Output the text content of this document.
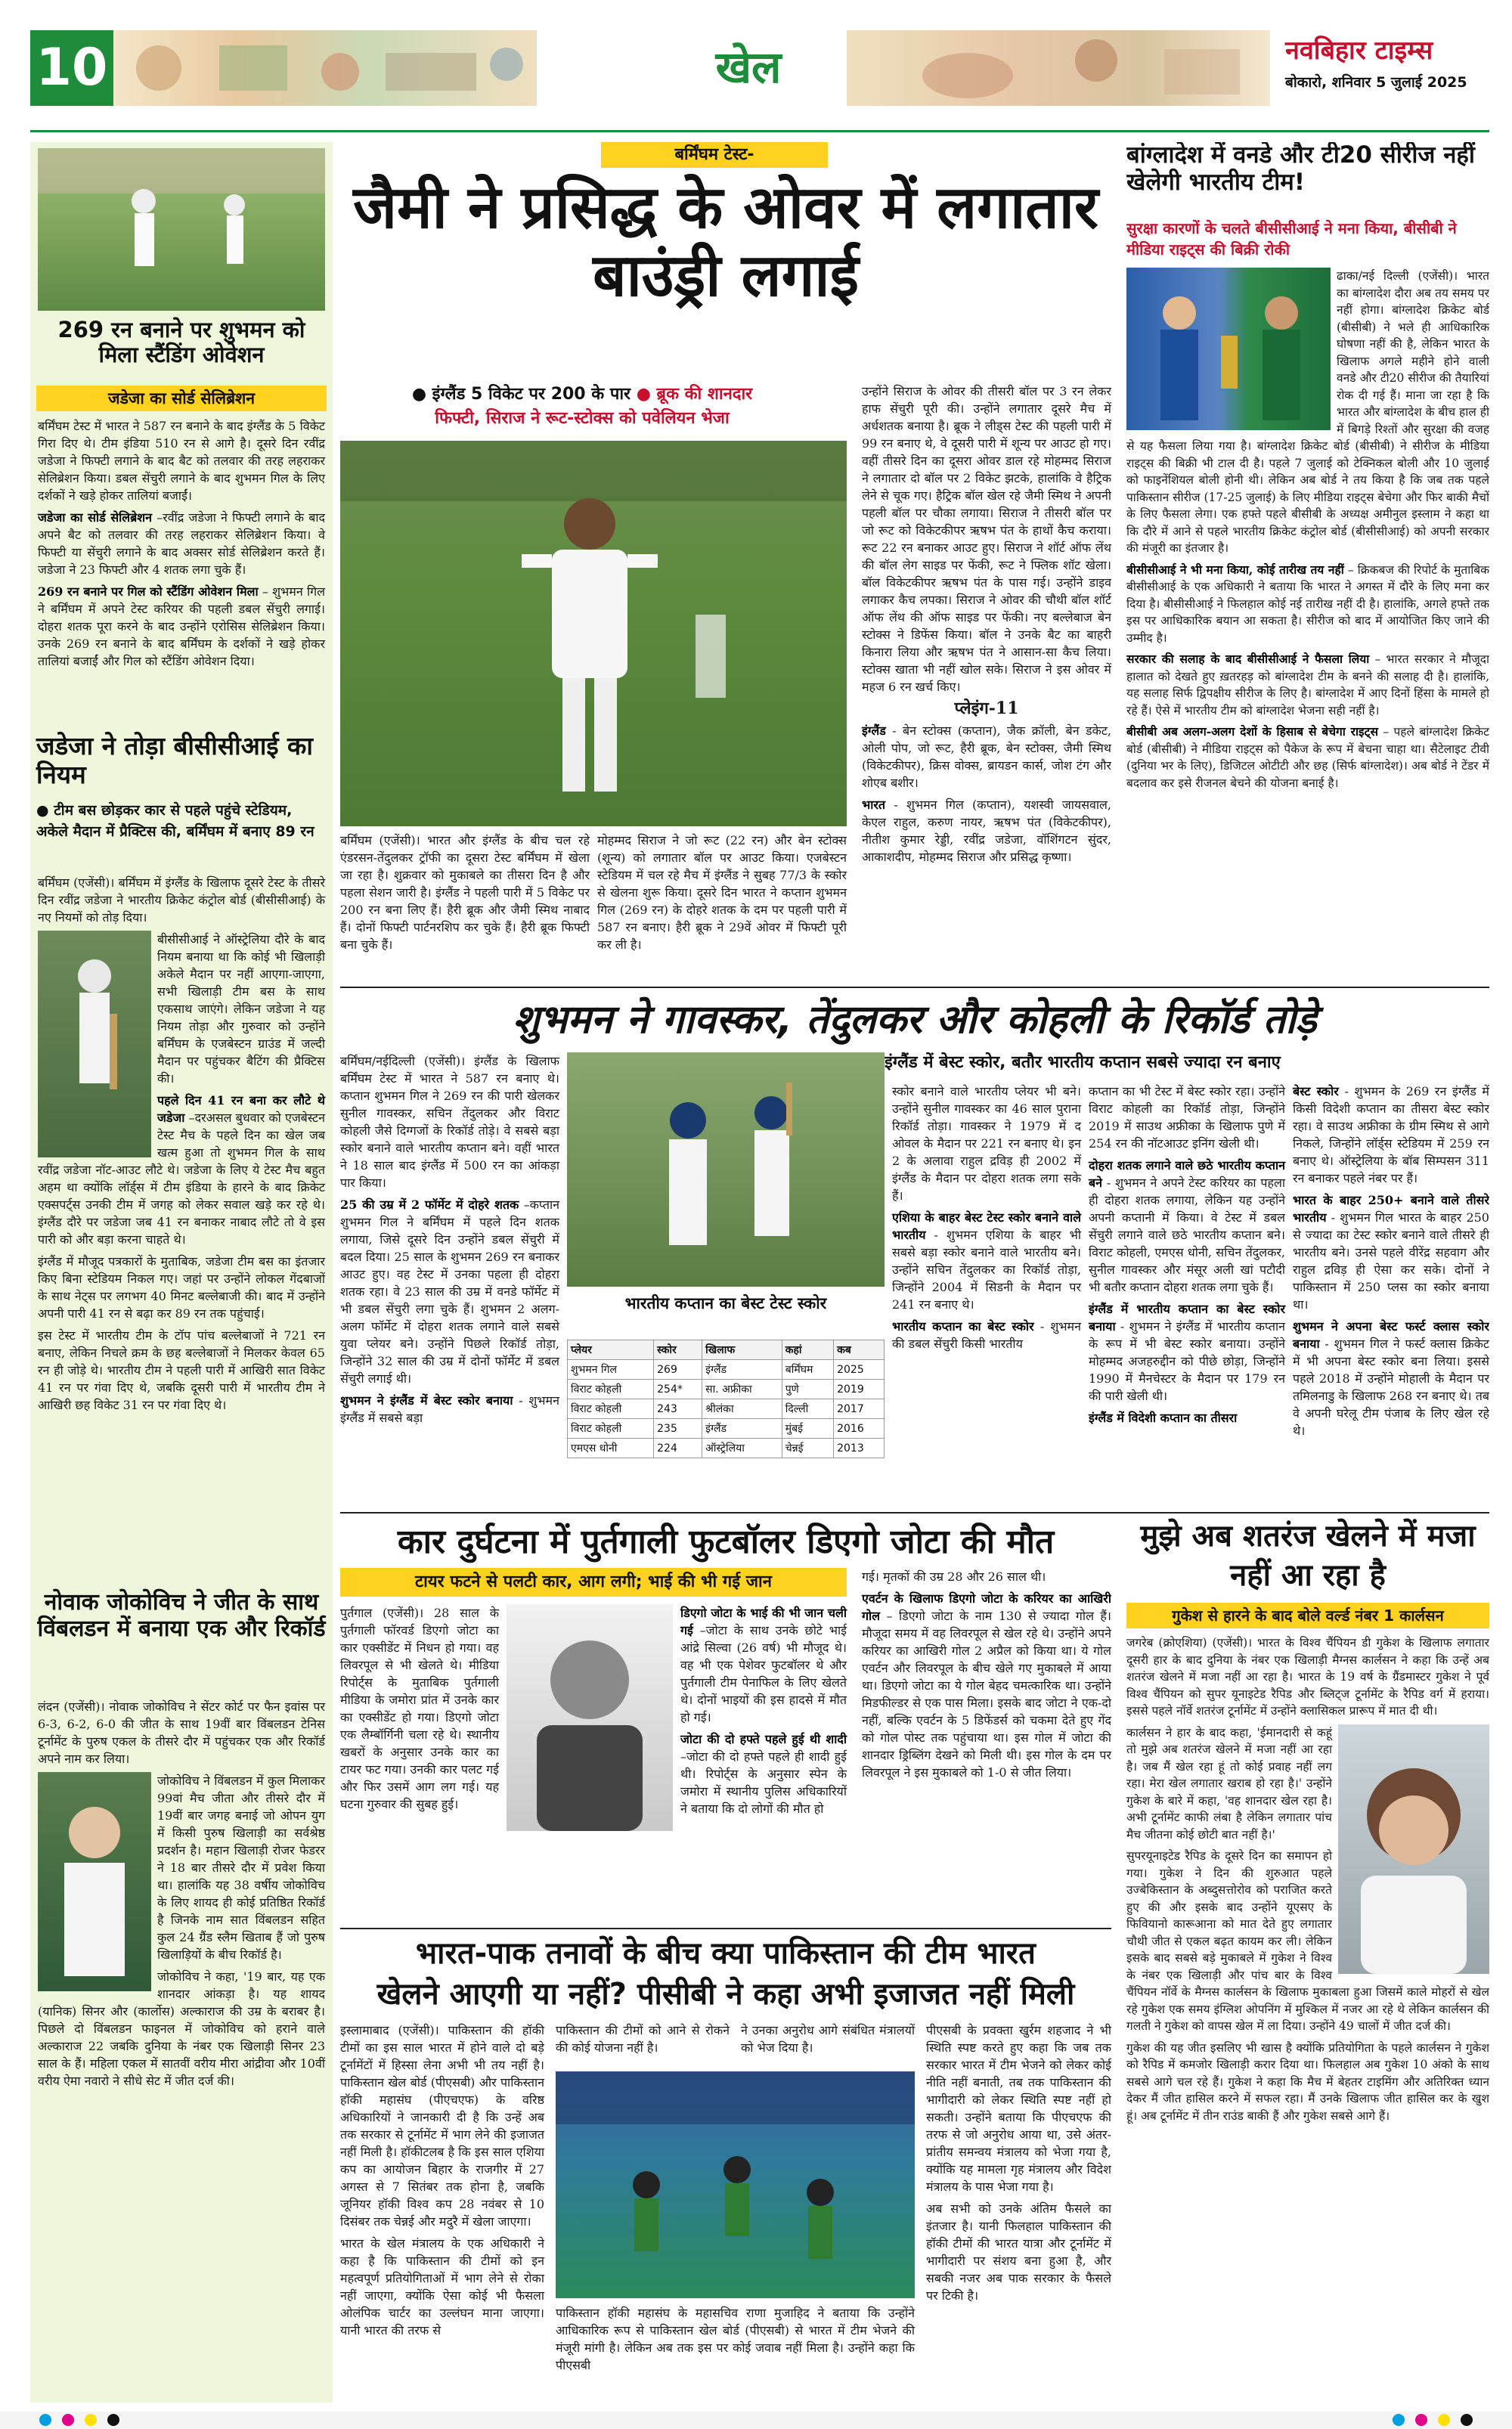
10	खेल	नवबिहार टाइम्स
बोकारो, शनिवार 5 जुलाई 2025
269 रन बनाने पर शुभमन को मिला स्टैंडिंग ओवेशन
जडेजा का सोर्ड सेलिब्रेशन

बर्मिंघम टेस्ट में भारत ने 587 रन बनाने के बाद इंग्लैंड के 5 विकेट गिरा दिए थे। टीम इंडिया 510 रन से आगे है। दूसरे दिन रवींद्र जडेजा ने फिफ्टी लगाने के बाद बैट को तलवार की तरह लहराकर सेलिब्रेशन किया। डबल सेंचुरी लगाने के बाद शुभमन गिल के लिए दर्शकों ने खड़े होकर तालियां बजाईं।

जडेजा का सोर्ड सेलिब्रेशन –रवींद्र जडेजा ने फिफ्टी लगाने के बाद अपने बैट को तलवार की तरह लहराकर सेलिब्रेशन किया। वे फिफ्टी या सेंचुरी लगाने के बाद अक्सर सोर्ड सेलिब्रेशन करते हैं। जडेजा ने 23 फिफ्टी और 4 शतक लगा चुके हैं।

269 रन बनाने पर गिल को स्टैंडिंग ओवेशन मिला – शुभमन गिल ने बर्मिंघम में अपने टेस्ट करियर की पहली डबल सेंचुरी लगाई। दोहरा शतक पूरा करने के बाद उन्होंने एरोसिस सेलिब्रेशन किया। उनके 269 रन बनाने के बाद बर्मिंघम के दर्शकों ने खड़े होकर तालियां बजाईं और गिल को स्टैंडिंग ओवेशन दिया।

जडेजा ने तोड़ा बीसीसीआई का नियम
● टीम बस छोड़कर कार से पहले पहुंचे स्टेडियम, अकेले मैदान में प्रैक्टिस की, बर्मिंघम में बनाए 89 रन

बर्मिंघम (एजेंसी)। बर्मिंघम में इंग्लैंड के खिलाफ दूसरे टेस्ट के तीसरे दिन रवींद्र जडेजा ने भारतीय क्रिकेट कंट्रोल बोर्ड (बीसीसीआई) के नए नियमों को तोड़ दिया।

बीसीसीआई ने ऑस्ट्रेलिया दौरे के बाद नियम बनाया था कि कोई भी खिलाड़ी अकेले मैदान पर नहीं आएगा-जाएगा, सभी खिलाड़ी टीम बस के साथ एकसाथ जाएंगे। लेकिन जडेजा ने यह नियम तोड़ा और गुरुवार को उन्होंने बर्मिंघम के एजबेस्टन ग्राउंड में जल्दी मैदान पर पहुंचकर बैटिंग की प्रैक्टिस की।

पहले दिन 41 रन बना कर लौटे थे जडेजा –दरअसल बुधवार को एजबेस्टन टेस्ट मैच के पहले दिन का खेल जब खत्म हुआ तो शुभमन गिल के साथ रवींद्र जडेजा नॉट-आउट लौटे थे। जडेजा के लिए ये टेस्ट मैच बहुत अहम था क्योंकि लॉर्ड्स में टीम इंडिया के हारने के बाद क्रिकेट एक्सपर्ट्स उनकी टीम में जगह को लेकर सवाल खड़े कर रहे थे। इंग्लैंड दौरे पर जडेजा जब 41 रन बनाकर नाबाद लौटे तो वे इस पारी को और बड़ा करना चाहते थे।

इंग्लैंड में मौजूद पत्रकारों के मुताबिक, जडेजा टीम बस का इंतजार किए बिना स्टेडियम निकल गए। जहां पर उन्होंने लोकल गेंदबाजों के साथ नेट्स पर लगभग 40 मिनट बल्लेबाजी की। बाद में उन्होंने अपनी पारी 41 रन से बढ़ा कर 89 रन तक पहुंचाई।

इस टेस्ट में भारतीय टीम के टॉप पांच बल्लेबाजों ने 721 रन बनाए, लेकिन निचले क्रम के छह बल्लेबाजों ने मिलकर केवल 65 रन ही जोड़े थे। भारतीय टीम ने पहली पारी में आखिरी सात विकेट 41 रन पर गंवा दिए थे, जबकि दूसरी पारी में भारतीय टीम ने आखिरी छह विकेट 31 रन पर गंवा दिए थे।

नोवाक जोकोविच ने जीत के साथ विंबलडन में बनाया एक और रिकॉर्ड

लंदन (एजेंसी)। नोवाक जोकोविच ने सेंटर कोर्ट पर फैन इवांस पर 6-3, 6-2, 6-0 की जीत के साथ 19वीं बार विंबलडन टेनिस टूर्नामेंट के पुरुष एकल के तीसरे दौर में पहुंचकर एक और रिकॉर्ड अपने नाम कर लिया।

जोकोविच ने विंबलडन में कुल मिलाकर 99वां मैच जीता और तीसरे दौर में 19वीं बार जगह बनाई जो ओपन युग में किसी पुरुष खिलाड़ी का सर्वश्रेष्ठ प्रदर्शन है। महान खिलाड़ी रोजर फेडरर ने 18 बार तीसरे दौर में प्रवेश किया था। हालांकि यह 38 वर्षीय जोकोविच के लिए शायद ही कोई प्रतिष्ठित रिकॉर्ड है जिनके नाम सात विंबलडन सहित कुल 24 ग्रैंड स्लैम खिताब हैं जो पुरुष खिलाड़ियों के बीच रिकॉर्ड है।

जोकोविच ने कहा, '19 बार, यह एक शानदार आंकड़ा है। यह शायद (यानिक) सिनर और (कार्लोस) अल्काराज की उम्र के बराबर है। पिछले दो विंबलडन फाइनल में जोकोविच को हराने वाले अल्काराज 22 जबकि दुनिया के नंबर एक खिलाड़ी सिनर 23 साल के हैं। महिला एकल में सातवीं वरीय मीरा आंद्रीवा और 10वीं वरीय ऐमा नवारो ने सीधे सेट में जीत दर्ज की।

बर्मिंघम टेस्ट-
जैमी ने प्रसिद्ध के ओवर में लगातार बाउंड्री लगाई
● इंग्लैंड 5 विकेट पर 200 के पार ● ब्रूक की शानदार
फिफ्टी, सिराज ने रूट-स्टोक्स को पवेलियन भेजा

बर्मिंघम (एजेंसी)। भारत और इंग्लैंड के बीच चल रहे एंडरसन-तेंदुलकर ट्रॉफी का दूसरा टेस्ट बर्मिंघम में खेला जा रहा है। शुक्रवार को मुकाबले का तीसरा दिन है और पहला सेशन जारी है। इंग्लैंड ने पहली पारी में 5 विकेट पर 200 रन बना लिए हैं। हैरी ब्रूक और जैमी स्मिथ नाबाद हैं। दोनों फिफ्टी पार्टनरशिप कर चुके हैं। हैरी ब्रूक फिफ्टी बना चुके हैं।

मोहम्मद सिराज ने जो रूट (22 रन) और बेन स्टोक्स (शून्य) को लगातार बॉल पर आउट किया। एजबेस्टन स्टेडियम में चल रहे मैच में इंग्लैंड ने सुबह 77/3 के स्कोर से खेलना शुरू किया। दूसरे दिन भारत ने कप्तान शुभमन गिल (269 रन) के दोहरे शतक के दम पर पहली पारी में 587 रन बनाए। हैरी ब्रूक ने 29वें ओवर में फिफ्टी पूरी कर ली है।

उन्होंने सिराज के ओवर की तीसरी बॉल पर 3 रन लेकर हाफ सेंचुरी पूरी की। उन्होंने लगातार दूसरे मैच में अर्धशतक बनाया है। ब्रूक ने लीड्स टेस्ट की पहली पारी में 99 रन बनाए थे, वे दूसरी पारी में शून्य पर आउट हो गए। वहीं तीसरे दिन का दूसरा ओवर डाल रहे मोहम्मद सिराज ने लगातार दो बॉल पर 2 विकेट झटके, हालांकि वे हैट्रिक लेने से चूक गए। हैट्रिक बॉल खेल रहे जैमी स्मिथ ने अपनी पहली बॉल पर चौका लगाया। सिराज ने तीसरी बॉल पर जो रूट को विकेटकीपर ऋषभ पंत के हाथों कैच कराया। रूट 22 रन बनाकर आउट हुए। सिराज ने शॉर्ट ऑफ लेंथ की बॉल लेग साइड पर फेंकी, रूट ने फ्लिक शॉट खेला। बॉल विकेटकीपर ऋषभ पंत के पास गई। उन्होंने डाइव लगाकर कैच लपका। सिराज ने ओवर की चौथी बॉल शॉर्ट ऑफ लेंथ की ऑफ साइड पर फेंकी। नए बल्लेबाज बेन स्टोक्स ने डिफेंस किया। बॉल ने उनके बैट का बाहरी किनारा लिया और ऋषभ पंत ने आसान-सा कैच लिया। स्टोक्स खाता भी नहीं खोल सके। सिराज ने इस ओवर में महज 6 रन खर्च किए।

प्लेइंग-11

इंग्लैंड - बेन स्टोक्स (कप्तान), जैक क्रॉली, बेन डकेट, ओली पोप, जो रूट, हैरी ब्रूक, बेन स्टोक्स, जैमी स्मिथ (विकेटकीपर), क्रिस वोक्स, ब्रायडन कार्स, जोश टंग और शोएब बशीर।

भारत - शुभमन गिल (कप्तान), यशस्वी जायसवाल, केएल राहुल, करुण नायर, ऋषभ पंत (विकेटकीपर), नीतीश कुमार रेड्डी, रवींद्र जडेजा, वॉशिंगटन सुंदर, आकाशदीप, मोहम्मद सिराज और प्रसिद्ध कृष्णा।

बांग्लादेश में वनडे और टी20 सीरीज नहीं खेलेगी भारतीय टीम!
सुरक्षा कारणों के चलते बीसीसीआई ने मना किया, बीसीबी ने मीडिया राइट्स की बिक्री रोकी

ढाका/नई दिल्ली (एजेंसी)। भारत का बांग्लादेश दौरा अब तय समय पर नहीं होगा। बांग्लादेश क्रिकेट बोर्ड (बीसीबी) ने भले ही आधिकारिक घोषणा नहीं की है, लेकिन भारत के खिलाफ अगले महीने होने वाली वनडे और टी20 सीरीज की तैयारियां रोक दी गई हैं। माना जा रहा है कि भारत और बांग्लादेश के बीच हाल ही में बिगड़े रिश्तों और सुरक्षा की वजह से यह फैसला लिया गया है। बांग्लादेश क्रिकेट बोर्ड (बीसीबी) ने सीरीज के मीडिया राइट्स की बिक्री भी टाल दी है। पहले 7 जुलाई को टेक्निकल बोली और 10 जुलाई को फाइनेंशियल बोली होनी थी। लेकिन अब बोर्ड ने तय किया है कि जब तक पहले पाकिस्तान सीरीज (17-25 जुलाई) के लिए मीडिया राइट्स बेचेगा और फिर बाकी मैचों के लिए फैसला लेगा। एक हफ्ते पहले बीसीबी के अध्यक्ष अमीनुल इस्लाम ने कहा था कि दौरे में आने से पहले भारतीय क्रिकेट कंट्रोल बोर्ड (बीसीसीआई) को अपनी सरकार की मंजूरी का इंतजार है।

बीसीसीआई ने भी मना किया, कोई तारीख तय नहीं – क्रिकबज की रिपोर्ट के मुताबिक बीसीसीआई के एक अधिकारी ने बताया कि भारत ने अगस्त में दौरे के लिए मना कर दिया है। बीसीसीआई ने फिलहाल कोई नई तारीख नहीं दी है। हालांकि, अगले हफ्ते तक इस पर आधिकारिक बयान आ सकता है। सीरीज को बाद में आयोजित किए जाने की उम्मीद है।

सरकार की सलाह के बाद बीसीसीआई ने फैसला लिया – भारत सरकार ने मौजूदा हालात को देखते हुए ख़तरहड़ को बांग्लादेश टीम के बनने की सलाह दी है। हालांकि, यह सलाह सिर्फ द्विपक्षीय सीरीज के लिए है। बांग्लादेश में आए दिनों हिंसा के मामले हो रहे हैं। ऐसे में भारतीय टीम को बांग्लादेश भेजना सही नहीं है।

बीसीबी अब अलग-अलग देशों के हिसाब से बेचेगा राइट्स – पहले बांग्लादेश क्रिकेट बोर्ड (बीसीबी) ने मीडिया राइट्स को पैकेज के रूप में बेचना चाहा था। सैटेलाइट टीवी (दुनिया भर के लिए), डिजिटल ओटीटी और छह (सिर्फ बांग्लादेश)। अब बोर्ड ने टेंडर में बदलाव कर इसे रीजनल बेचने की योजना बनाई है।

शुभमन ने गावस्कर, तेंदुलकर और कोहली के रिकॉर्ड तोड़े
इंग्लैंड में बेस्ट स्कोर, बतौर भारतीय कप्तान सबसे ज्यादा रन बनाए

बर्मिंघम/नईदिल्ली (एजेंसी)। इंग्लैंड के खिलाफ बर्मिंघम टेस्ट में भारत ने 587 रन बनाए थे। कप्तान शुभमन गिल ने 269 रन की पारी खेलकर सुनील गावस्कर, सचिन तेंदुलकर और विराट कोहली जैसे दिग्गजों के रिकॉर्ड तोड़े। वे सबसे बड़ा स्कोर बनाने वाले भारतीय कप्तान बने। वहीं भारत ने 18 साल बाद इंग्लैंड में 500 रन का आंकड़ा पार किया।

25 की उम्र में 2 फॉर्मेट में दोहरे शतक –कप्तान शुभमन गिल ने बर्मिंघम में पहले दिन शतक लगाया, जिसे दूसरे दिन उन्होंने डबल सेंचुरी में बदल दिया। 25 साल के शुभमन 269 रन बनाकर आउट हुए। वह टेस्ट में उनका पहला ही दोहरा शतक रहा। वे 23 साल की उम्र में वनडे फॉर्मेट में भी डबल सेंचुरी लगा चुके हैं। शुभमन 2 अलग-अलग फॉर्मेट में दोहरा शतक लगाने वाले सबसे युवा प्लेयर बने। उन्होंने पिछले रिकॉर्ड तोड़ा, जिन्होंने 32 साल की उम्र में दोनों फॉर्मेट में डबल सेंचुरी लगाई थी।

शुभमन ने इंग्लैंड में बेस्ट स्कोर बनाया - शुभमन इंग्लैंड में सबसे बड़ा

भारतीय कप्तान का बेस्ट टेस्ट स्कोर
प्लेयर	स्कोर	खिलाफ	कहां	कब
शुभमन गिल	269	इंग्लैंड	बर्मिंघम	2025
विराट कोहली	254*	सा. अफ्रीका	पुणे	2019
विराट कोहली	243	श्रीलंका	दिल्ली	2017
विराट कोहली	235	इंग्लैंड	मुंबई	2016
एमएस धोनी	224	ऑस्ट्रेलिया	चेन्नई	2013

स्कोर बनाने वाले भारतीय प्लेयर भी बने। उन्होंने सुनील गावस्कर का 46 साल पुराना रिकॉर्ड तोड़ा। गावस्कर ने 1979 में द ओवल के मैदान पर 221 रन बनाए थे। इन 2 के अलावा राहुल द्रविड़ ही 2002 में इंग्लैंड के मैदान पर दोहरा शतक लगा सके हैं।

एशिया के बाहर बेस्ट टेस्ट स्कोर बनाने वाले भारतीय - शुभमन एशिया के बाहर भी सबसे बड़ा स्कोर बनाने वाले भारतीय बने। उन्होंने सचिन तेंदुलकर का रिकॉर्ड तोड़ा, जिन्होंने 2004 में सिडनी के मैदान पर 241 रन बनाए थे।

भारतीय कप्तान का बेस्ट स्कोर - शुभमन की डबल सेंचुरी किसी भारतीय

कप्तान का भी टेस्ट में बेस्ट स्कोर रहा। उन्होंने विराट कोहली का रिकॉर्ड तोड़ा, जिन्होंने 2019 में साउथ अफ्रीका के खिलाफ पुणे में 254 रन की नॉटआउट इनिंग खेली थी।

दोहरा शतक लगाने वाले छठे भारतीय कप्तान बने - शुभमन ने अपने टेस्ट करियर का पहला ही दोहरा शतक लगाया, लेकिन यह उन्होंने अपनी कप्तानी में किया। वे टेस्ट में डबल सेंचुरी लगाने वाले छठे भारतीय कप्तान बने। विराट कोहली, एमएस धोनी, सचिन तेंदुलकर, सुनील गावस्कर और मंसूर अली खां पटौदी भी बतौर कप्तान दोहरा शतक लगा चुके हैं।

इंग्लैंड में भारतीय कप्तान का बेस्ट स्कोर बनाया - शुभमन ने इंग्लैंड में भारतीय कप्तान के रूप में भी बेस्ट स्कोर बनाया। उन्होंने मोहम्मद अजहरुद्दीन को पीछे छोड़ा, जिन्होंने 1990 में मैनचेस्टर के मैदान पर 179 रन की पारी खेली थी।

इंग्लैंड में विदेशी कप्तान का तीसरा

बेस्ट स्कोर - शुभमन के 269 रन इंग्लैंड में किसी विदेशी कप्तान का तीसरा बेस्ट स्कोर रहा। वे साउथ अफ्रीका के ग्रीम स्मिथ से आगे निकले, जिन्होंने लॉर्ड्स स्टेडियम में 259 रन बनाए थे। ऑस्ट्रेलिया के बॉब सिम्पसन 311 रन बनाकर पहले नंबर पर हैं।

भारत के बाहर 250+ बनाने वाले तीसरे भारतीय - शुभमन गिल भारत के बाहर 250 से ज्यादा का टेस्ट स्कोर बनाने वाले तीसरे ही भारतीय बने। उनसे पहले वीरेंद्र सहवाग और राहुल द्रविड़ ही ऐसा कर सके। दोनों ने पाकिस्तान में 250 प्लस का स्कोर बनाया था।

शुभमन ने अपना बेस्ट फर्स्ट क्लास स्कोर बनाया - शुभमन गिल ने फर्स्ट क्लास क्रिकेट में भी अपना बेस्ट स्कोर बना लिया। इससे पहले 2018 में उन्होंने मोहाली के मैदान पर तमिलनाडु के खिलाफ 268 रन बनाए थे। तब वे अपनी घरेलू टीम पंजाब के लिए खेल रहे थे।

कार दुर्घटना में पुर्तगाली फुटबॉलर डिएगो जोटा की मौत
टायर फटने से पलटी कार, आग लगी; भाई की भी गई जान

पुर्तगाल (एजेंसी)। 28 साल के पुर्तगाली फॉरवर्ड डिएगो जोटा का कार एक्सीडेंट में निधन हो गया। वह लिवरपूल से भी खेलते थे। मीडिया रिपोर्ट्स के मुताबिक पुर्तगाली मीडिया के जमोरा प्रांत में उनके कार का एक्सीडेंट हो गया। डिएगो जोटा एक लैम्बॉर्गिनी चला रहे थे। स्थानीय खबरों के अनुसार उनके कार का टायर फट गया। उनकी कार पलट गई और फिर उसमें आग लग गई। यह घटना गुरुवार की सुबह हुई।

डिएगो जोटा के भाई की भी जान चली गई –जोटा के साथ उनके छोटे भाई आंद्रे सिल्वा (26 वर्ष) भी मौजूद थे। वह भी एक पेशेवर फुटबॉलर थे और पुर्तगाली टीम पेनाफिल के लिए खेलते थे। दोनों भाइयों की इस हादसे में मौत हो गई।

जोटा की दो हफ्ते पहले हुई थी शादी –जोटा की दो हफ्ते पहले ही शादी हुई थी। रिपोर्ट्स के अनुसार स्पेन के जमोरा में स्थानीय पुलिस अधिकारियों ने बताया कि दो लोगों की मौत हो

गई। मृतकों की उम्र 28 और 26 साल थी।

एवर्टन के खिलाफ डिएगो जोटा के करियर का आखिरी गोल – डिएगो जोटा के नाम 130 से ज्यादा गोल हैं। मौजूदा समय में वह लिवरपूल से खेल रहे थे। उन्होंने अपने करियर का आखिरी गोल 2 अप्रैल को किया था। ये गोल एवर्टन और लिवरपूल के बीच खेले गए मुकाबले में आया था। डिएगो जोटा का ये गोल बेहद चमत्कारिक था। उन्होंने मिडफील्डर से एक पास मिला। इसके बाद जोटा ने एक-दो नहीं, बल्कि एवर्टन के 5 डिफेंडर्स को चकमा देते हुए गेंद को गोल पोस्ट तक पहुंचाया था। इस गोल में जोटा की शानदार ड्रिब्लिंग देखने को मिली थी। इस गोल के दम पर लिवरपूल ने इस मुकाबले को 1-0 से जीत लिया।

मुझे अब शतरंज खेलने में मजा नहीं आ रहा है
गुकेश से हारने के बाद बोले वर्ल्ड नंबर 1 कार्लसन

जगरेब (क्रोएशिया) (एजेंसी)। भारत के विश्व चैंपियन डी गुकेश के खिलाफ लगातार दूसरी हार के बाद दुनिया के नंबर एक खिलाड़ी मैग्नस कार्लसन ने कहा कि उन्हें अब शतरंज खेलने में मजा नहीं आ रहा है। भारत के 19 वर्ष के ग्रैंडमास्टर गुकेश ने पूर्व विश्व चैंपियन को सुपर यूनाइटेड रैपिड और ब्लिट्ज टूर्नामेंट के रैपिड वर्ग में हराया। इससे पहले नॉर्वे शतरंज टूर्नामेंट में उन्होंने क्लासिकल प्रारूप में मात दी थी।

कार्लसन ने हार के बाद कहा, 'ईमानदारी से कहूं तो मुझे अब शतरंज खेलने में मजा नहीं आ रहा है। जब मैं खेल रहा हूं तो कोई प्रवाह नहीं लग रहा। मेरा खेल लगातार खराब हो रहा है।' उन्होंने गुकेश के बारे में कहा, 'वह शानदार खेल रहा है। अभी टूर्नामेंट काफी लंबा है लेकिन लगातार पांच मैच जीतना कोई छोटी बात नहीं है।'

सुपरयूनाइटेड रैपिड के दूसरे दिन का समापन हो गया। गुकेश ने दिन की शुरुआत पहले उज्बेकिस्तान के अब्दुसत्तोरोव को पराजित करते हुए की और इसके बाद उन्होंने यूएसए के फिवियानो कारूआना को मात देते हुए लगातार चौथी जीत से एकल बढ़त कायम कर ली। लेकिन इसके बाद सबसे बड़े मुकाबले में गुकेश ने विश्व के नंबर एक खिलाड़ी और पांच बार के विश्व चैंपियन नॉर्वे के मैग्नस कार्लसन के खिलाफ मुकाबला हुआ जिसमें काले मोहरों से खेल रहे गुकेश एक समय इंग्लिश ओपनिंग में मुश्किल में नजर आ रहे थे लेकिन कार्लसन की गलती ने गुकेश को वापस खेल में ला दिया। उन्होंने 49 चालों में जीत दर्ज की।

गुकेश की यह जीत इसलिए भी खास है क्योंकि प्रतियोगिता के पहले कार्लसन ने गुकेश को रैपिड में कमजोर खिलाड़ी करार दिया था। फिलहाल अब गुकेश 10 अंको के साथ सबसे आगे चल रहे हैं। गुकेश ने कहा कि मैच में बेहतर टाइमिंग और अतिरिक्त ध्यान देकर मैं जीत हासिल करने में सफल रहा। मैं उनके खिलाफ जीत हासिल कर के खुश हूं। अब टूर्नामेंट में तीन राउंड बाकी हैं और गुकेश सबसे आगे हैं।

भारत-पाक तनावों के बीच क्या पाकिस्तान की टीम भारत
खेलने आएगी या नहीं? पीसीबी ने कहा अभी इजाजत नहीं मिली

इस्लामाबाद (एजेंसी)। पाकिस्तान की हॉकी टीमों का इस साल भारत में होने वाले दो बड़े टूर्नामेंटों में हिस्सा लेना अभी भी तय नहीं है। पाकिस्तान खेल बोर्ड (पीएसबी) और पाकिस्तान हॉकी महासंघ (पीएचएफ) के वरिष्ठ अधिकारियों ने जानकारी दी है कि उन्हें अब तक सरकार से टूर्नामेंट में भाग लेने की इजाजत नहीं मिली है। हॉकीटलब है कि इस साल एशिया कप का आयोजन बिहार के राजगीर में 27 अगस्त से 7 सितंबर तक होना है, जबकि जूनियर हॉकी विश्व कप 28 नवंबर से 10 दिसंबर तक चेन्नई और मदुरै में खेला जाएगा।

भारत के खेल मंत्रालय के एक अधिकारी ने कहा है कि पाकिस्तान की टीमों को इन महत्वपूर्ण प्रतियोगिताओं में भाग लेने से रोका नहीं जाएगा, क्योंकि ऐसा कोई भी फैसला ओलंपिक चार्टर का उल्लंघन माना जाएगा। यानी भारत की तरफ से

पाकिस्तान की टीमों को आने से रोकने की कोई योजना नहीं है।

ने उनका अनुरोध आगे संबंधित मंत्रालयों को भेज दिया है।

पाकिस्तान हॉकी महासंघ के महासचिव राणा मुजाहिद ने बताया कि उन्होंने आधिकारिक रूप से पाकिस्तान खेल बोर्ड (पीएसबी) से भारत में टीम भेजने की मंजूरी मांगी है। लेकिन अब तक इस पर कोई जवाब नहीं मिला है। उन्होंने कहा कि पीएसबी

पीएसबी के प्रवक्ता खुर्रम शहजाद ने भी स्थिति स्पष्ट करते हुए कहा कि जब तक सरकार भारत में टीम भेजने को लेकर कोई नीति नहीं बनाती, तब तक पाकिस्तान की भागीदारी को लेकर स्थिति स्पष्ट नहीं हो सकती। उन्होंने बताया कि पीएचएफ की तरफ से जो अनुरोध आया था, उसे अंतर-प्रांतीय समन्वय मंत्रालय को भेजा गया है, क्योंकि यह मामला गृह मंत्रालय और विदेश मंत्रालय के पास भेजा गया है।

अब सभी को उनके अंतिम फैसले का इंतजार है। यानी फिलहाल पाकिस्तान की हॉकी टीमों की भारत यात्रा और टूर्नामेंट में भागीदारी पर संशय बना हुआ है, और सबकी नजर अब पाक सरकार के फैसले पर टिकी है।
